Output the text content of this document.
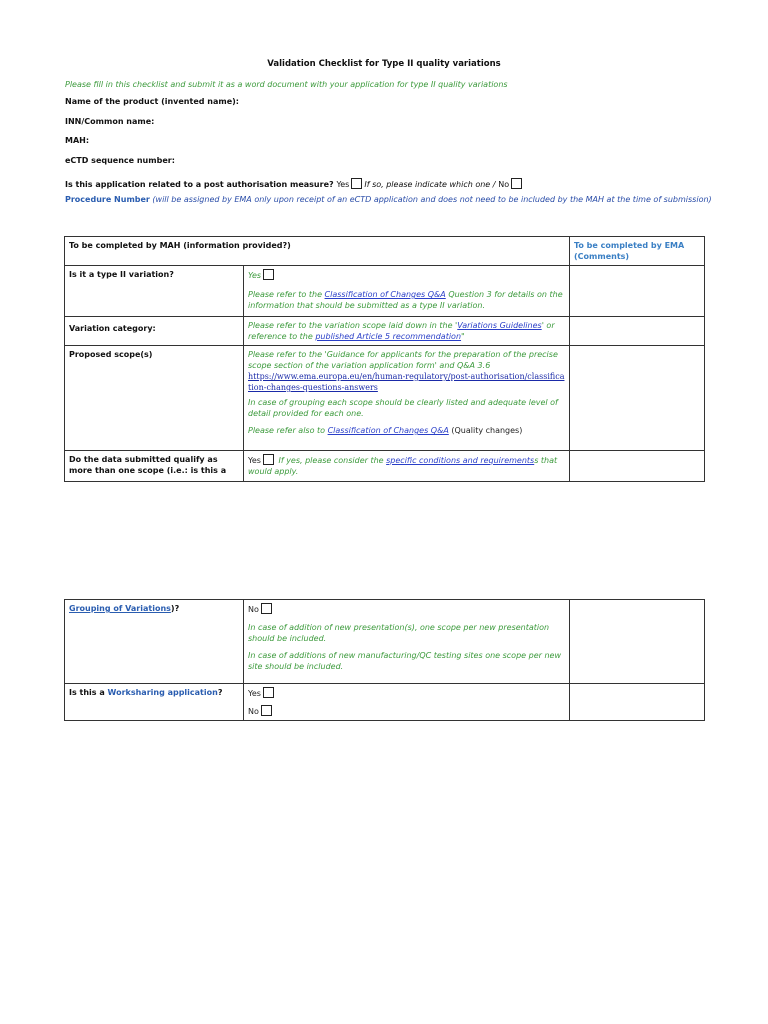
Validation Checklist for Type II quality variations
Please fill in this checklist and submit it as a word document with your application for type II quality variations
Name of the product (invented name):
INN/Common name:
MAH:
eCTD sequence number:
Is this application related to a post authorisation measure? Yes If so, please indicate which one / No
Procedure Number (will be assigned by EMA only upon receipt of an eCTD application and does not need to be included by the MAH at the time of submission)
To be completed by MAH (information provided?)		To be completed by EMA (Comments)
Is it a type II variation?	Yes

Please refer to the Classification of Changes Q&A Question 3 for details on the information that should be submitted as a type II variation.	

Variation category:	Please refer to the variation scope laid down in the 'Variations Guidelines' or reference to the published Article 5 recommendation"	
Proposed scope(s)	Please refer to the 'Guidance for applicants for the preparation of the precise scope section of the variation application form' and Q&A 3.6
https://www.ema.europa.eu/en/human-regulatory/post-authorisation/classification-changes-questions-answers

In case of grouping each scope should be clearly listed and adequate level of detail provided for each one.

Please refer also to Classification of Changes Q&A (Quality changes)	

Do the data submitted qualify as more than one scope (i.e.: is this a	Yes If yes, please consider the specific conditions and requirementss that would apply.	
Grouping of Variations)?	No

In case of addition of new presentation(s), one scope per new presentation should be included.

In case of additions of new manufacturing/QC testing sites one scope per new site should be included.	

Is this a Worksharing application?	Yes

No	
